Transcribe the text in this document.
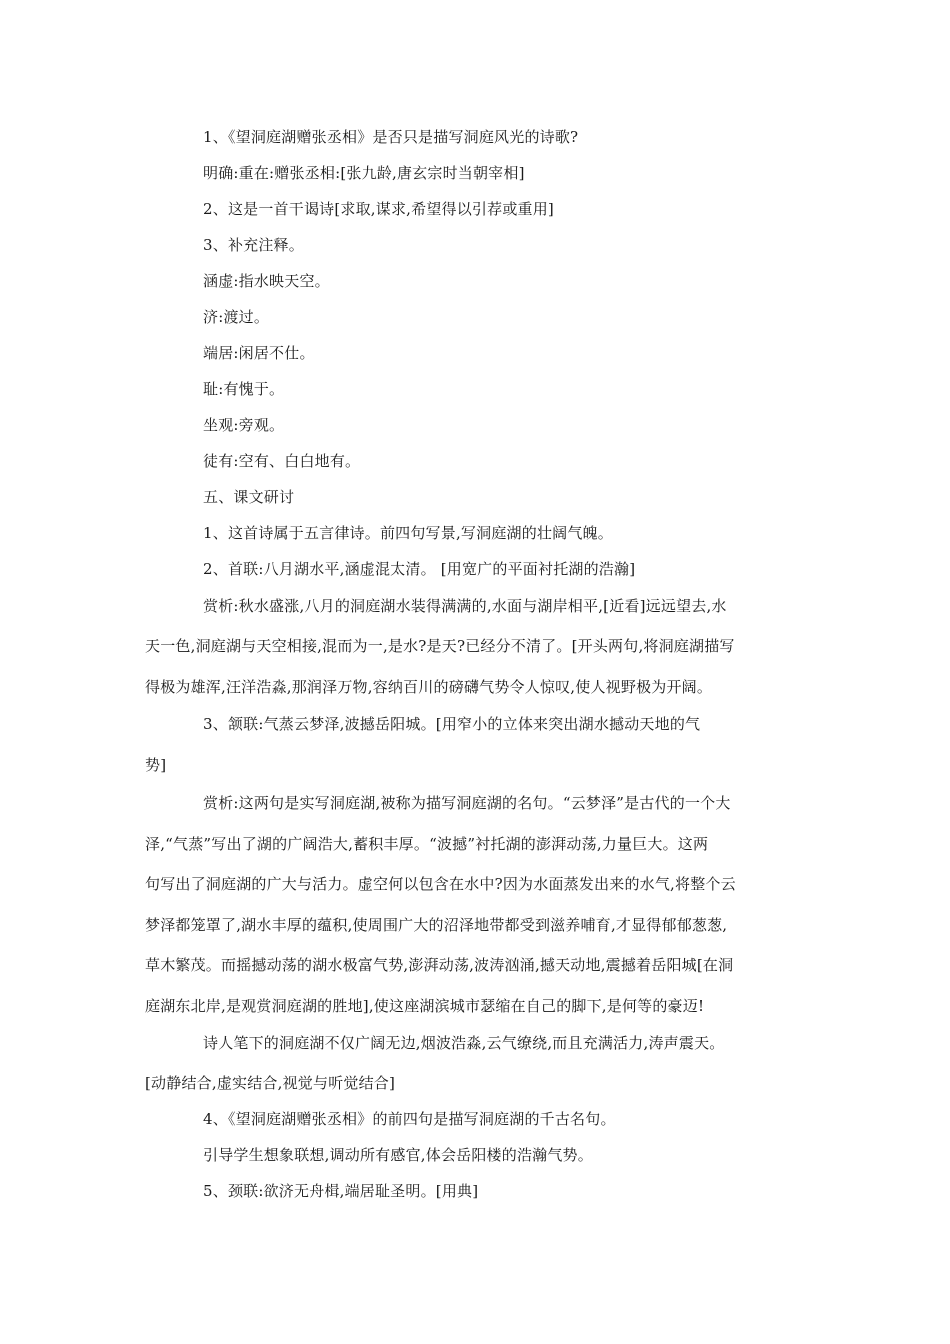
1、《望洞庭湖赠张丞相》是否只是描写洞庭风光的诗歌?
明确:重在:赠张丞相:[张九龄,唐玄宗时当朝宰相]
2、这是一首干谒诗[求取,谋求,希望得以引荐或重用]
3、补充注释。
涵虚:指水映天空。
济:渡过。
端居:闲居不仕。
耻:有愧于。
坐观:旁观。
徒有:空有、白白地有。
五、课文研讨
1、这首诗属于五言律诗。前四句写景,写洞庭湖的壮阔气魄。
2、首联:八月湖水平,涵虚混太清。 [用宽广的平面衬托湖的浩瀚]
赏析:秋水盛涨,八月的洞庭湖水装得满满的,水面与湖岸相平,[近看]远远望去,水
天一色,洞庭湖与天空相接,混而为一,是水?是天?已经分不清了。[开头两句,将洞庭湖描写
得极为雄浑,汪洋浩淼,那润泽万物,容纳百川的磅礴气势令人惊叹,使人视野极为开阔。
3、颔联:气蒸云梦泽,波撼岳阳城。[用窄小的立体来突出湖水撼动天地的气
势]
赏析:这两句是实写洞庭湖,被称为描写洞庭湖的名句。“云梦泽”是古代的一个大
泽,“气蒸”写出了湖的广阔浩大,蓄积丰厚。“波撼”衬托湖的澎湃动荡,力量巨大。这两
句写出了洞庭湖的广大与活力。虚空何以包含在水中?因为水面蒸发出来的水气,将整个云
梦泽都笼罩了,湖水丰厚的蕴积,使周围广大的沼泽地带都受到滋养哺育,才显得郁郁葱葱,
草木繁茂。而摇撼动荡的湖水极富气势,澎湃动荡,波涛汹涌,撼天动地,震撼着岳阳城[在洞
庭湖东北岸,是观赏洞庭湖的胜地],使这座湖滨城市瑟缩在自己的脚下,是何等的豪迈!
诗人笔下的洞庭湖不仅广阔无边,烟波浩淼,云气缭绕,而且充满活力,涛声震天。
[动静结合,虚实结合,视觉与听觉结合]
4、《望洞庭湖赠张丞相》的前四句是描写洞庭湖的千古名句。
引导学生想象联想,调动所有感官,体会岳阳楼的浩瀚气势。
5、颈联:欲济无舟楫,端居耻圣明。[用典]
